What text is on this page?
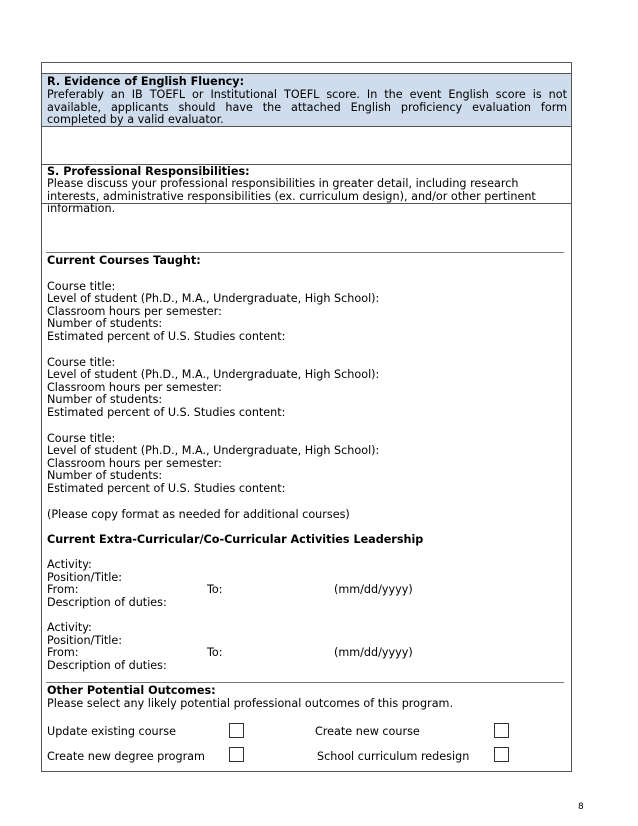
R. Evidence of English Fluency:
Preferably an IB TOEFL or Institutional TOEFL score. In the event English score is not available, applicants should have the attached English proficiency evaluation form completed by a valid evaluator.
S. Professional Responsibilities:
Please discuss your professional responsibilities in greater detail, including research interests, administrative responsibilities (ex. curriculum design), and/or other pertinent information.
Current Courses Taught:
Course title:
Level of student (Ph.D., M.A., Undergraduate, High School):
Classroom hours per semester:
Number of students:
Estimated percent of U.S. Studies content:
Course title:
Level of student (Ph.D., M.A., Undergraduate, High School):
Classroom hours per semester:
Number of students:
Estimated percent of U.S. Studies content:
Course title:
Level of student (Ph.D., M.A., Undergraduate, High School):
Classroom hours per semester:
Number of students:
Estimated percent of U.S. Studies content:
(Please copy format as needed for additional courses)
Current Extra-Curricular/Co-Curricular Activities Leadership
Activity:
Position/Title:
From:	To:	(mm/dd/yyyy)
Description of duties:
Activity:
Position/Title:
From:	To:	(mm/dd/yyyy)
Description of duties:
Other Potential Outcomes:
Please select any likely potential professional outcomes of this program.
Update existing course	Create new course
Create new degree program	School curriculum redesign
8
